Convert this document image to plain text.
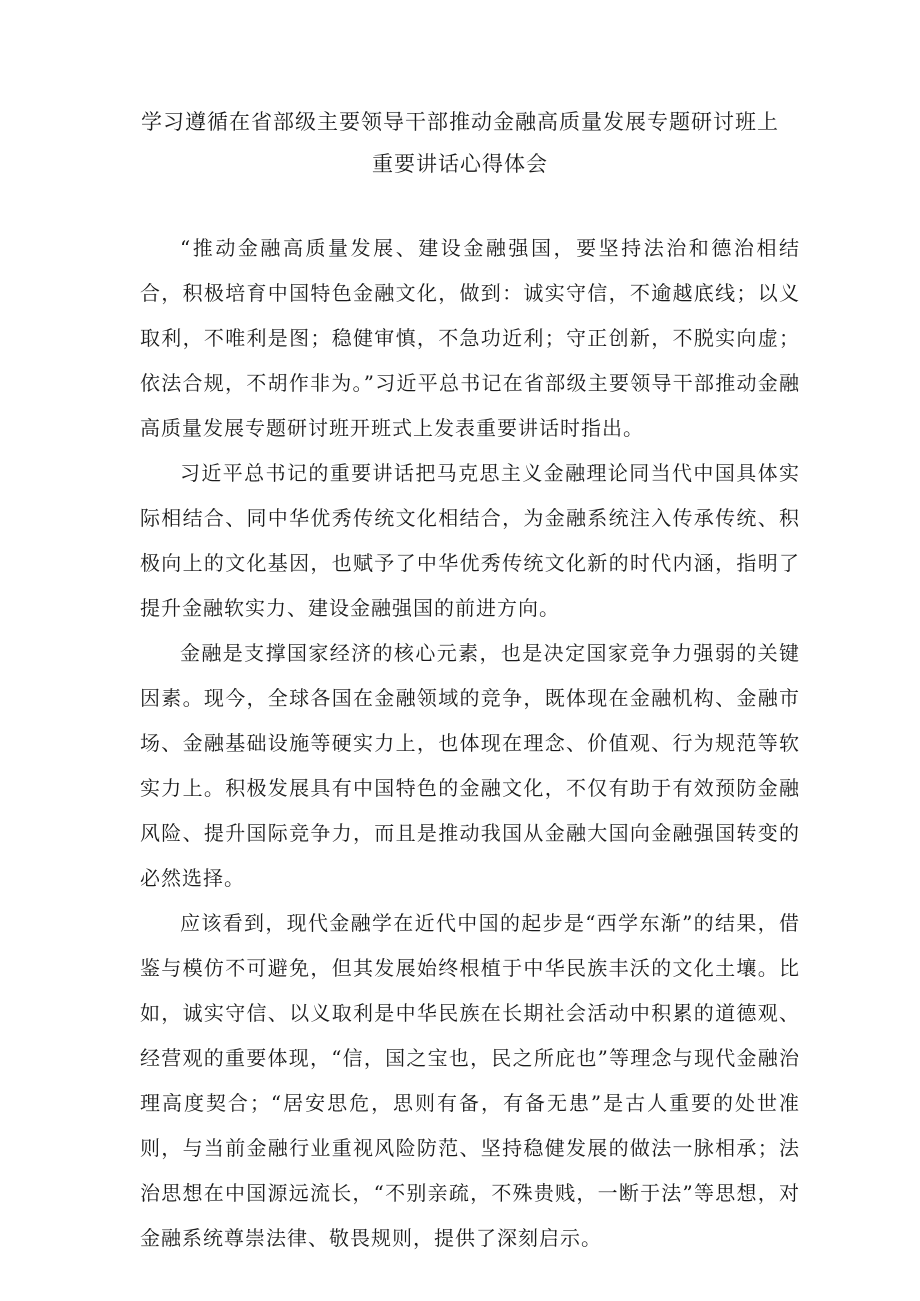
学习遵循在省部级主要领导干部推动金融高质量发展专题研讨班上
重要讲话心得体会

“推动金融高质量发展、建设金融强国，要坚持法治和德治相结合，积极培育中国特色金融文化，做到：诚实守信，不逾越底线；以义取利，不唯利是图；稳健审慎，不急功近利；守正创新，不脱实向虚；依法合规，不胡作非为。”习近平总书记在省部级主要领导干部推动金融高质量发展专题研讨班开班式上发表重要讲话时指出。

习近平总书记的重要讲话把马克思主义金融理论同当代中国具体实际相结合、同中华优秀传统文化相结合，为金融系统注入传承传统、积极向上的文化基因，也赋予了中华优秀传统文化新的时代内涵，指明了提升金融软实力、建设金融强国的前进方向。

金融是支撑国家经济的核心元素，也是决定国家竞争力强弱的关键因素。现今，全球各国在金融领域的竞争，既体现在金融机构、金融市场、金融基础设施等硬实力上，也体现在理念、价值观、行为规范等软实力上。积极发展具有中国特色的金融文化，不仅有助于有效预防金融风险、提升国际竞争力，而且是推动我国从金融大国向金融强国转变的必然选择。

应该看到，现代金融学在近代中国的起步是“西学东渐”的结果，借鉴与模仿不可避免，但其发展始终根植于中华民族丰沃的文化土壤。比如，诚实守信、以义取利是中华民族在长期社会活动中积累的道德观、经营观的重要体现，“信，国之宝也，民之所庇也”等理念与现代金融治理高度契合；“居安思危，思则有备，有备无患”是古人重要的处世准则，与当前金融行业重视风险防范、坚持稳健发展的做法一脉相承；法治思想在中国源远流长，“不别亲疏，不殊贵贱，一断于法”等思想，对金融系统尊崇法律、敬畏规则，提供了深刻启示。
